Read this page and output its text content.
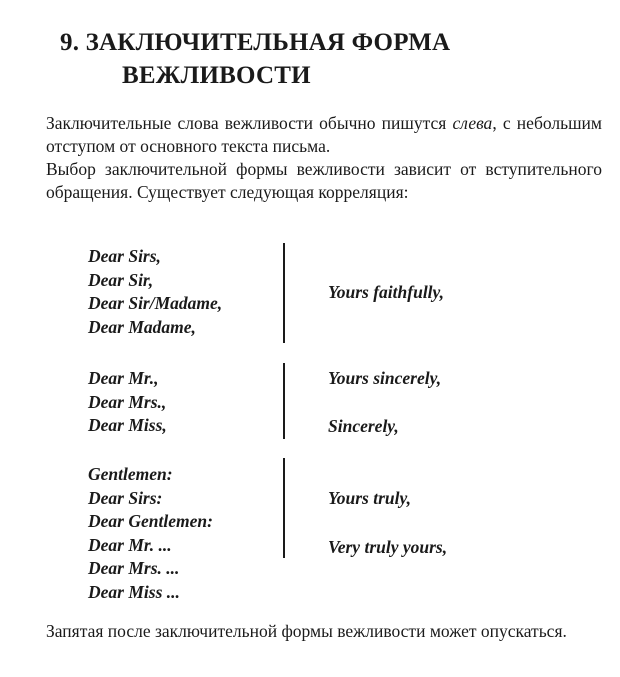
9. ЗАКЛЮЧИТЕЛЬНАЯ ФОРМА
ВЕЖЛИВОСТИ

Заключительные слова вежливости обычно пишутся слева, с небольшим отступом от основного текста письма.

Выбор заключительной формы вежливости зависит от вступительного обращения. Существует следующая корреляция:

Dear Sirs,
Dear Sir,
Dear Sir/Madame,
Dear Madame,

Yours faithfully,

Dear Mr.,
Dear Mrs.,
Dear Miss,

Yours sincerely,

Sincerely,

Gentlemen:
Dear Sirs:
Dear Gentlemen:
Dear Mr. ...
Dear Mrs. ...
Dear Miss ...

Yours truly,

Very truly yours,

Запятая после заключительной формы вежливости может опускаться.
